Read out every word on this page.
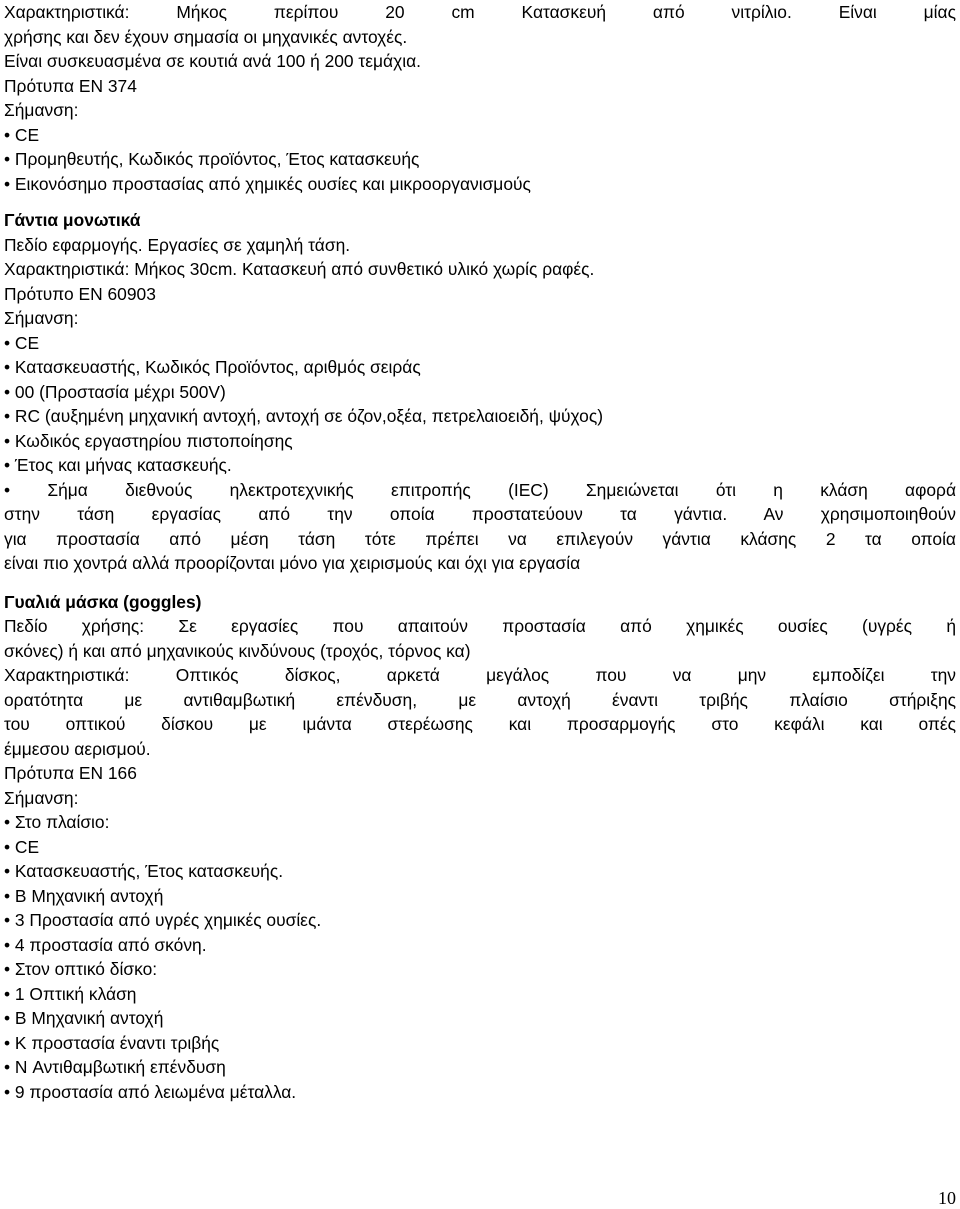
Χαρακτηριστικά: Μήκος περίπου 20 cm Κατασκευή από νιτρίλιο. Είναι μίας
χρήσης και δεν έχουν σημασία οι μηχανικές αντοχές.
Είναι συσκευασμένα σε κουτιά ανά 100 ή 200 τεμάχια.
Πρότυπα EN 374
Σήμανση:
• CE
• Προμηθευτής, Κωδικός προϊόντος, Έτος κατασκευής
• Εικονόσημο προστασίας από χημικές ουσίες και μικροοργανισμούς
Γάντια μονωτικά
Πεδίο εφαρμογής. Εργασίες σε χαμηλή τάση.
Χαρακτηριστικά: Μήκος 30cm. Κατασκευή από συνθετικό υλικό χωρίς ραφές.
Πρότυπο EN 60903
Σήμανση:
• CE
• Κατασκευαστής, Κωδικός Προϊόντος, αριθμός σειράς
• 00 (Προστασία μέχρι 500V)
• RC (αυξημένη μηχανική αντοχή, αντοχή σε όζον,οξέα, πετρελαιοειδή, ψύχος)
• Κωδικός εργαστηρίου πιστοποίησης
• Έτος και μήνας κατασκευής.
• Σήμα διεθνούς ηλεκτροτεχνικής επιτροπής (IEC) Σημειώνεται ότι η κλάση αφορά
στην τάση εργασίας από την οποία προστατεύουν τα γάντια. Αν χρησιμοποιηθούν
για προστασία από μέση τάση τότε πρέπει να επιλεγούν γάντια κλάσης 2 τα οποία
είναι πιο χοντρά αλλά προορίζονται μόνο για χειρισμούς και όχι για εργασία
Γυαλιά μάσκα (goggles)
Πεδίο χρήσης: Σε εργασίες που απαιτούν προστασία από χημικές ουσίες (υγρές ή
σκόνες) ή και από μηχανικούς κινδύνους (τροχός, τόρνος κα)
Χαρακτηριστικά: Οπτικός δίσκος, αρκετά μεγάλος που να μην εμποδίζει την
ορατότητα με αντιθαμβωτική επένδυση, με αντοχή έναντι τριβής πλαίσιο στήριξης
του οπτικού δίσκου με ιμάντα στερέωσης και προσαρμογής στο κεφάλι και οπές
έμμεσου αερισμού.
Πρότυπα EN 166
Σήμανση:
• Στο πλαίσιο:
• CE
• Κατασκευαστής, Έτος κατασκευής.
• B Μηχανική αντοχή
• 3 Προστασία από υγρές χημικές ουσίες.
• 4 προστασία από σκόνη.
• Στον οπτικό δίσκο:
• 1 Οπτική κλάση
• B Μηχανική αντοχή
• K προστασία έναντι τριβής
• N Αντιθαμβωτική επένδυση
• 9 προστασία από λειωμένα μέταλλα.
10
